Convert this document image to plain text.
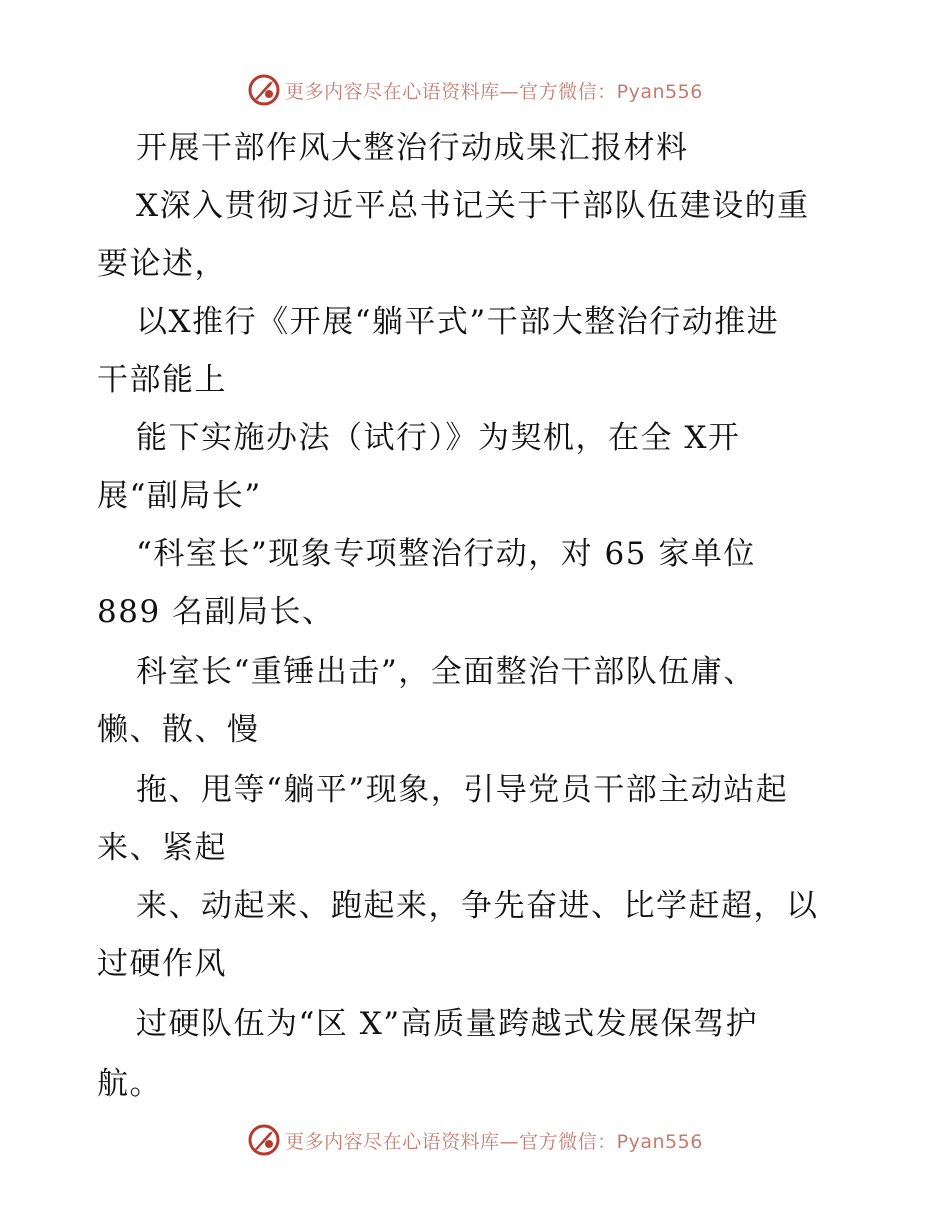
更多内容尽在心语资料库—官方微信：Pyan556
开展干部作风大整治行动成果汇报材料
X深入贯彻习近平总书记关于干部队伍建设的重
要论述，
以X推行《开展“躺平式”干部大整治行动推进
干部能上
能下实施办法（试行）》为契机，在全 X开
展“副局长”
“科室长”现象专项整治行动，对 65 家单位
889 名副局长、
科室长“重锤出击”，全面整治干部队伍庸、
懒、散、慢
拖、甩等“躺平”现象，引导党员干部主动站起
来、紧起
来、动起来、跑起来，争先奋进、比学赶超，以
过硬作风
过硬队伍为“区 X”高质量跨越式发展保驾护
航。
更多内容尽在心语资料库—官方微信：Pyan556
